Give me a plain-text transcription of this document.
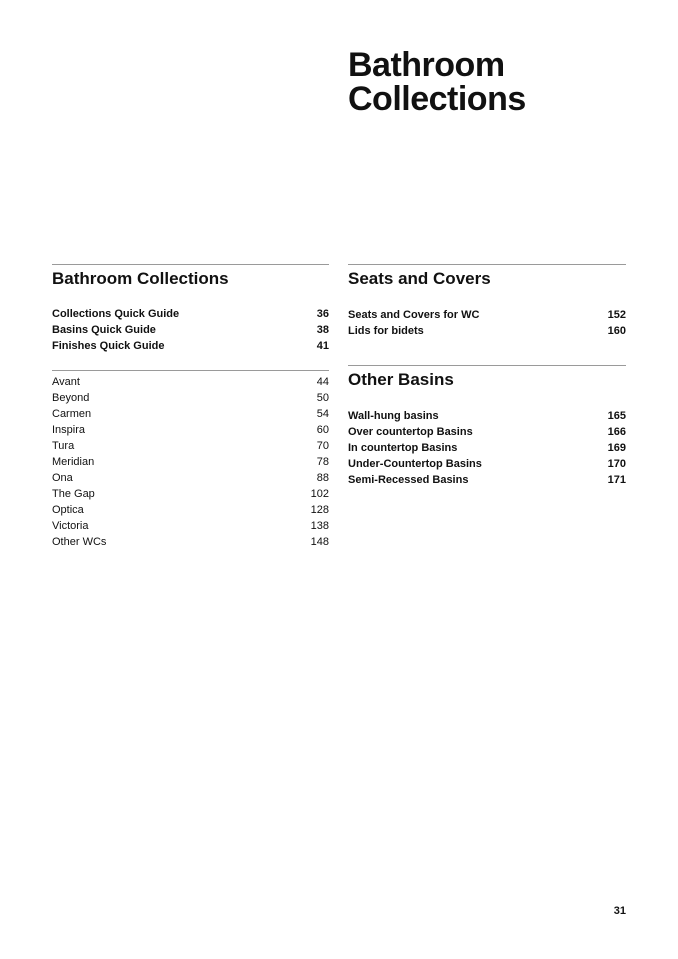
Bathroom
Collections
Bathroom Collections
Collections Quick Guide	36
Basins Quick Guide	38
Finishes Quick Guide	41
Avant	44
Beyond	50
Carmen	54
Inspira	60
Tura	70
Meridian	78
Ona	88
The Gap	102
Optica	128
Victoria	138
Other WCs	148
Seats and Covers
Seats and Covers for WC	152
Lids for bidets	160
Other Basins
Wall-hung basins	165
Over countertop Basins	166
In countertop Basins	169
Under-Countertop Basins	170
Semi-Recessed Basins	171
31
